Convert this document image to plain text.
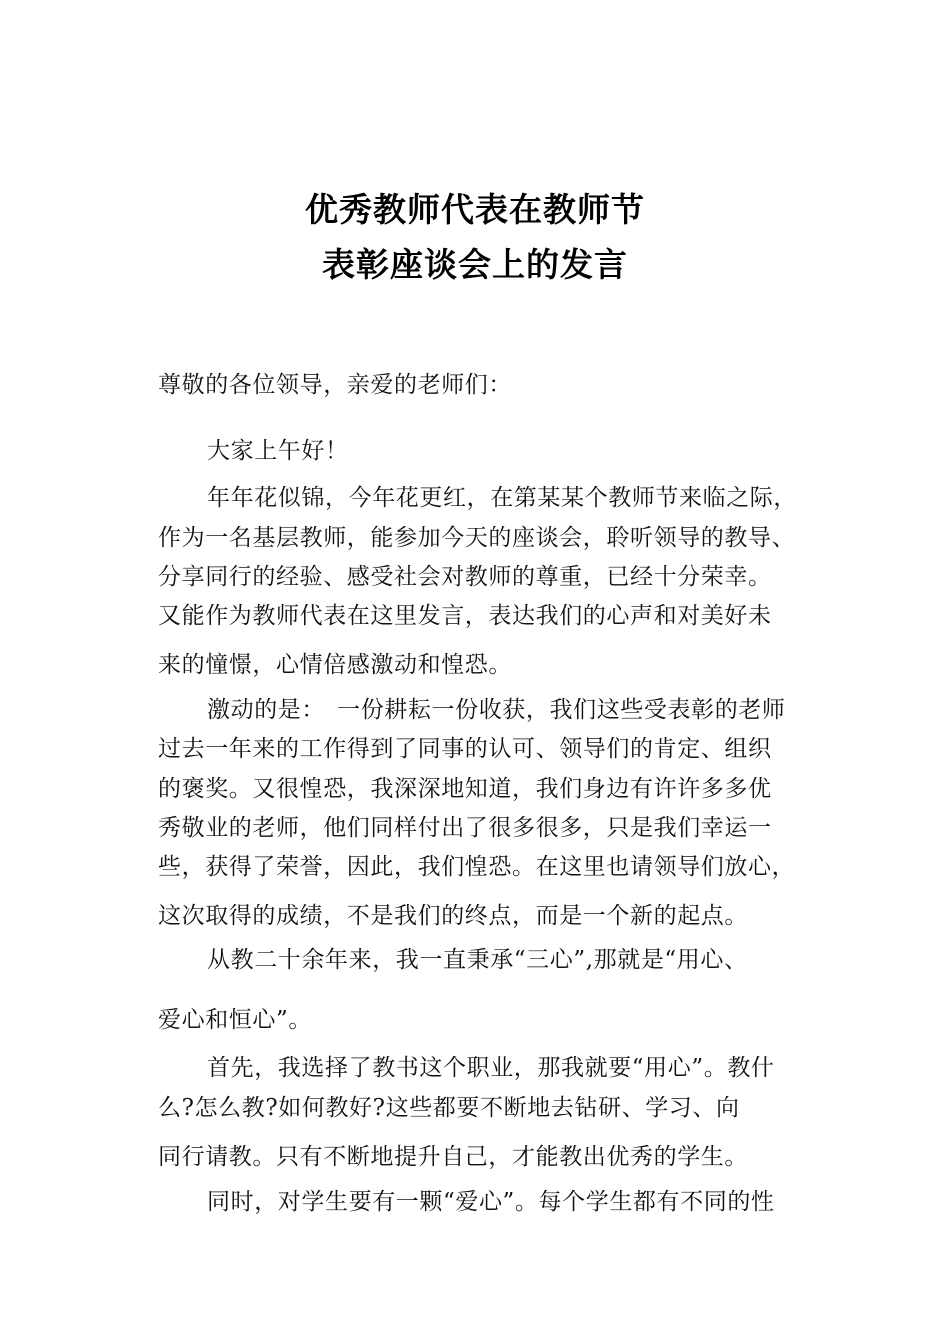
优秀教师代表在教师节
表彰座谈会上的发言

尊敬的各位领导，亲爱的老师们：

大家上午好！

年年花似锦，今年花更红，在第某某个教师节来临之际，

作为一名基层教师，能参加今天的座谈会，聆听领导的教导、

分享同行的经验、感受社会对教师的尊重，已经十分荣幸。

又能作为教师代表在这里发言，表达我们的心声和对美好未

来的憧憬，心情倍感激动和惶恐。

激动的是：　一份耕耘一份收获，我们这些受表彰的老师

过去一年来的工作得到了同事的认可、领导们的肯定、组织

的褒奖。又很惶恐，我深深地知道，我们身边有许许多多优

秀敬业的老师，他们同样付出了很多很多，只是我们幸运一

些，获得了荣誉，因此，我们惶恐。在这里也请领导们放心，

这次取得的成绩，不是我们的终点，而是一个新的起点。

从教二十余年来，我一直秉承“三心”,那就是“用心、

爱心和恒心”。

首先，我选择了教书这个职业，那我就要“用心”。教什

么?怎么教?如何教好?这些都要不断地去钻研、学习、向

同行请教。只有不断地提升自己，才能教出优秀的学生。

同时，对学生要有一颗“爱心”。每个学生都有不同的性
